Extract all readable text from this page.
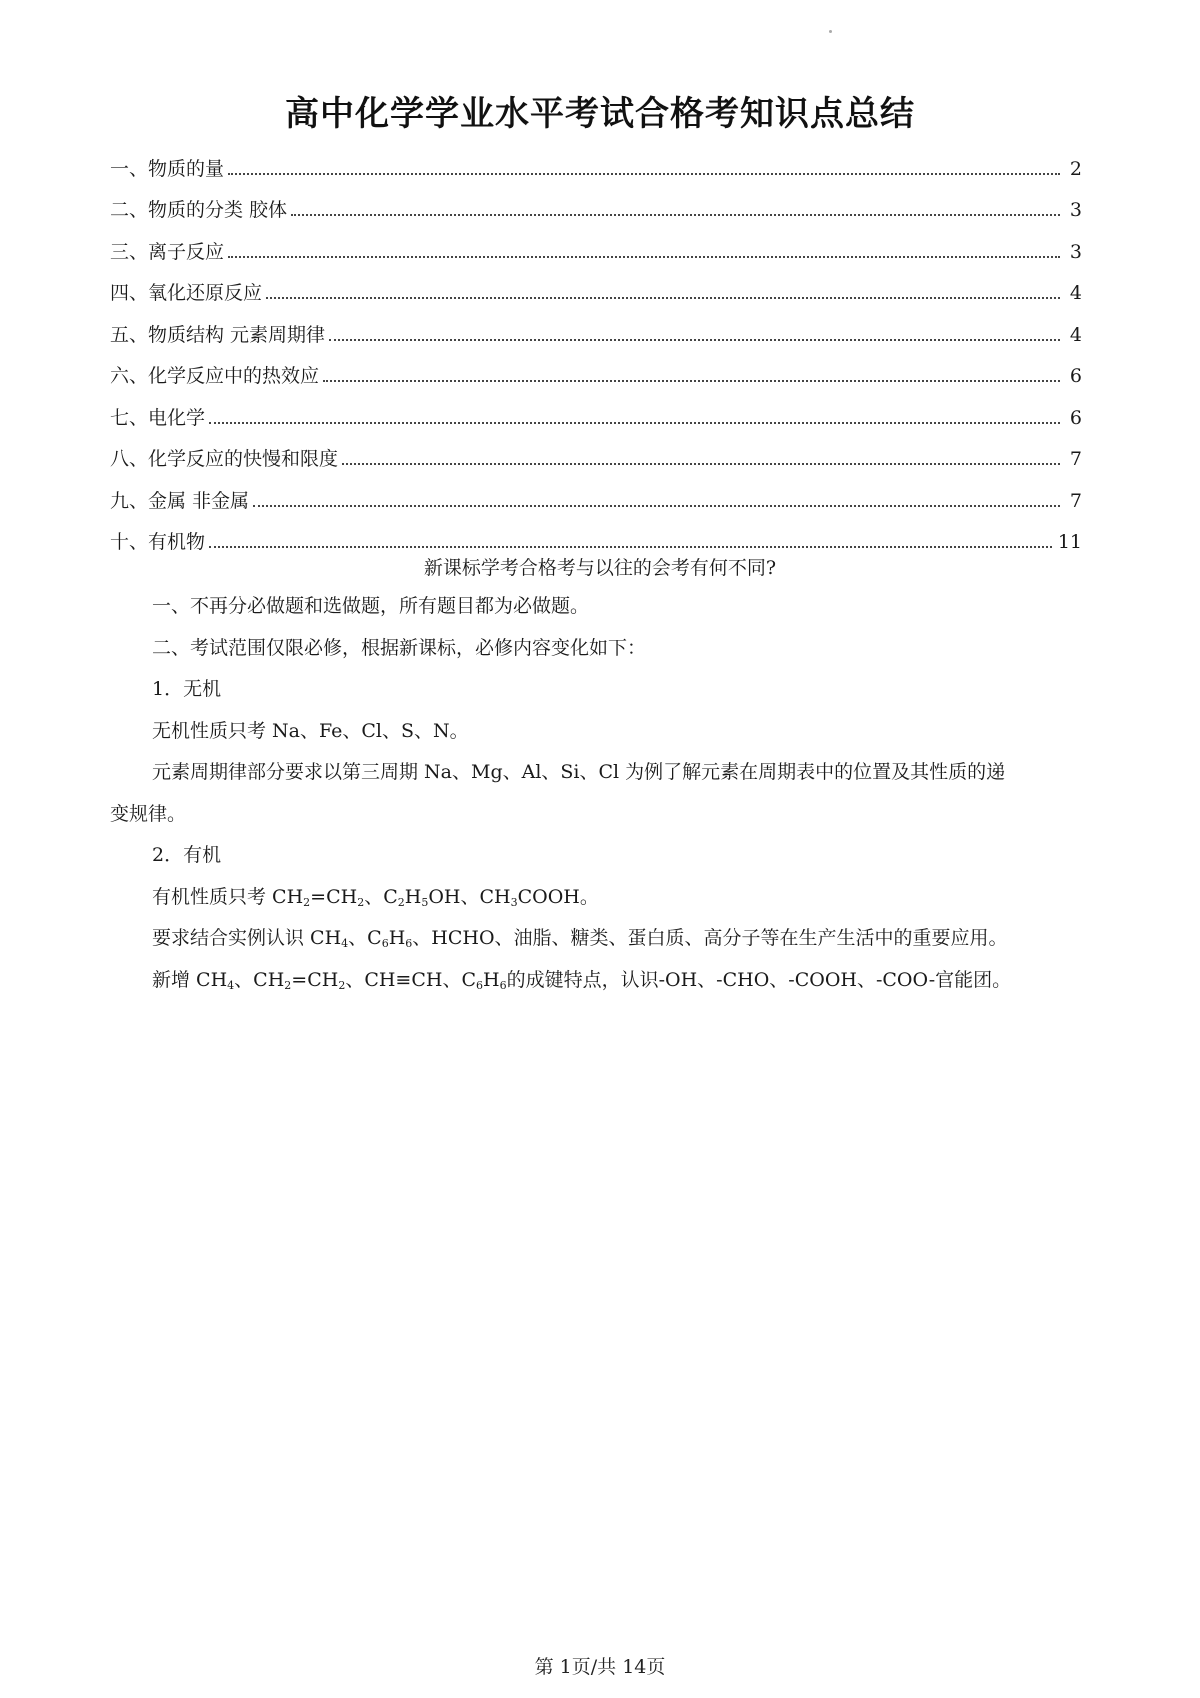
高中化学学业水平考试合格考知识点总结
一、物质的量	2
二、物质的分类 胶体	3
三、离子反应	3
四、氧化还原反应	4
五、物质结构 元素周期律	4
六、化学反应中的热效应	6
七、电化学	6
八、化学反应的快慢和限度	7
九、金属 非金属	7
十、有机物	11
新课标学考合格考与以往的会考有何不同?

一、不再分必做题和选做题，所有题目都为必做题。

二、考试范围仅限必修，根据新课标，必修内容变化如下：

1．无机

无机性质只考 Na、Fe、Cl、S、N。

元素周期律部分要求以第三周期 Na、Mg、Al、Si、Cl 为例了解元素在周期表中的位置及其性质的递

变规律。

2．有机

有机性质只考 $CH_2=CH_2$、$C_2H_5OH$、$CH_3COOH$。

要求结合实例认识 $CH_4$、$C_6H_6$、HCHO、油脂、糖类、蛋白质、高分子等在生产生活中的重要应用。

新增 $CH_4$、$CH_2=CH_2$、CH≡CH、$C_6H_6$的成键特点，认识-OH、-CHO、-COOH、-COO-官能团。

第 1页/共 14页
